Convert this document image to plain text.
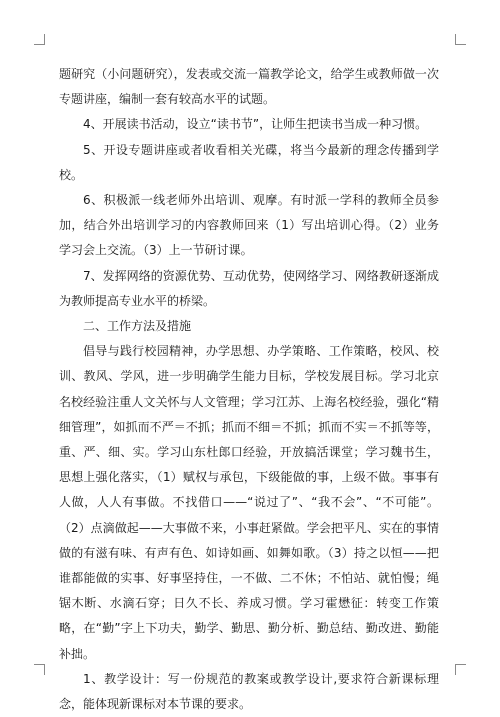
题研究（小问题研究），发表或交流一篇教学论文，给学生或教师做一次专题讲座，编制一套有较高水平的试题。

4、开展读书活动，设立“读书节”，让师生把读书当成一种习惯。

5、开设专题讲座或者收看相关光碟，将当今最新的理念传播到学校。

6、积极派一线老师外出培训、观摩。有时派一学科的教师全员参加，结合外出培训学习的内容教师回来（1）写出培训心得。（2）业务学习会上交流。（3）上一节研讨课。

7、发挥网络的资源优势、互动优势，使网络学习、网络教研逐渐成为教师提高专业水平的桥梁。

二、工作方法及措施

倡导与践行校园精神，办学思想、办学策略、工作策略，校风、校训、教风、学风，进一步明确学生能力目标，学校发展目标。学习北京名校经验注重人文关怀与人文管理；学习江苏、上海名校经验，强化“精细管理”，如抓而不严＝不抓；抓而不细＝不抓；抓而不实＝不抓等等，重、严、细、实。学习山东杜郎口经验，开放搞活课堂；学习魏书生，思想上强化落实，（1）赋权与承包，下级能做的事，上级不做。事事有人做，人人有事做。不找借口——“说过了”、“我不会”、“不可能”。（2）点滴做起——大事做不来，小事赶紧做。学会把平凡、实在的事情做的有滋有味、有声有色、如诗如画、如舞如歌。（3）持之以恒——把谁都能做的实事、好事坚持住，一不做、二不休；不怕站、就怕慢；绳锯木断、水滴石穿；日久不长、养成习惯。学习霍懋征：转变工作策略，在“勤”字上下功夫，勤学、勤思、勤分析、勤总结、勤改进、勤能补拙。

1、教学设计：写一份规范的教案或教学设计,要求符合新课标理念，能体现新课标对本节课的要求。
